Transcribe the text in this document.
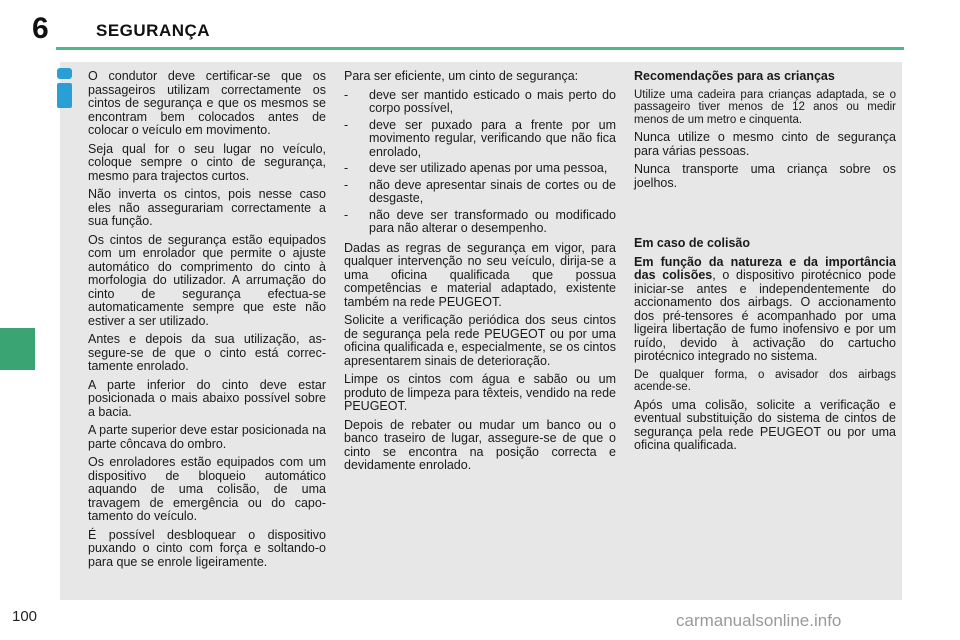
6	SEGURANÇA

O condutor deve certificar-se que os passageiros utilizam correctamente os cintos de segurança e que os mesmos se encontram bem colocados antes de colocar o veículo em movimento.

Seja qual for o seu lugar no veículo, coloque sempre o cinto de segurança, mesmo para trajectos curtos.

Não inverta os cintos, pois nesse caso eles não assegurariam correctamente a sua função.

Os cintos de segurança estão equipados com um enrolador que permite o ajuste automático do comprimento do cinto à morfologia do utilizador. A arrumação do cinto de segurança efectua-se automaticamente sempre que este não estiver a ser utilizado.

Antes e depois da sua utilização, assegure-se de que o cinto está correctamente enrolado.

A parte inferior do cinto deve estar posicionada o mais abaixo possível sobre a bacia.

A parte superior deve estar posicionada na parte côncava do ombro.

Os enroladores estão equipados com um dispositivo de bloqueio automático aquando de uma colisão, de uma travagem de emergência ou do capotamento do veículo.

É possível desbloquear o dispositivo puxando o cinto com força e soltando-o para que se enrole ligeiramente.

Para ser eficiente, um cinto de segurança:

- deve ser mantido esticado o mais perto do corpo possível,
- deve ser puxado para a frente por um movimento regular, verificando que não fica enrolado,
- deve ser utilizado apenas por uma pessoa,
- não deve apresentar sinais de cortes ou de desgaste,
- não deve ser transformado ou modificado para não alterar o desempenho.

Dadas as regras de segurança em vigor, para qualquer intervenção no seu veículo, dirija-se a uma oficina qualificada que possua competências e material adaptado, existente também na rede PEUGEOT.

Solicite a verificação periódica dos seus cintos de segurança pela rede PEUGEOT ou por uma oficina qualificada e, especialmente, se os cintos apresentarem sinais de deterioração.

Limpe os cintos com água e sabão ou um produto de limpeza para têxteis, vendido na rede PEUGEOT.

Depois de rebater ou mudar um banco ou o banco traseiro de lugar, assegure-se de que o cinto se encontra na posição correcta e devidamente enrolado.

Recomendações para as crianças

Utilize uma cadeira para crianças adaptada, se o passageiro tiver menos de 12 anos ou medir menos de um metro e cinquenta.

Nunca utilize o mesmo cinto de segurança para várias pessoas.

Nunca transporte uma criança sobre os joelhos.

Em caso de colisão

Em função da natureza e da importância das colisões, o dispositivo pirotécnico pode iniciar-se antes e independentemente do accionamento dos airbags. O accionamento dos pré-tensores é acompanhado por uma ligeira libertação de fumo inofensivo e por um ruído, devido à activação do cartucho pirotécnico integrado no sistema.

De qualquer forma, o avisador dos airbags acende-se.

Após uma colisão, solicite a verificação e eventual substituição do sistema de cintos de segurança pela rede PEUGEOT ou por uma oficina qualificada.

100	carmanualsonline.info
